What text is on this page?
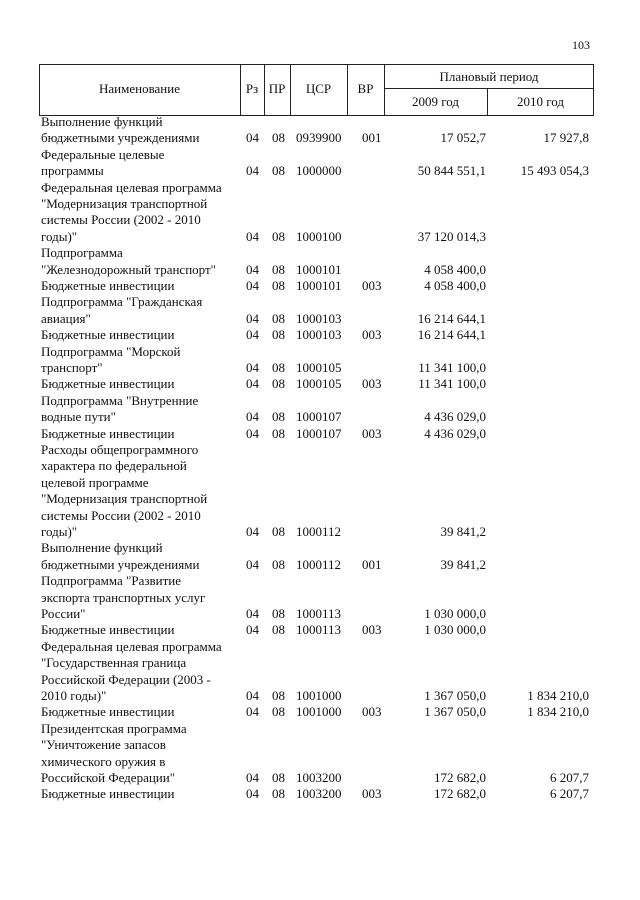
103
Наименование	Рз ПР	ЦСР	ВР
Плановый период
2009 год	2010 год
Выполнение функций
бюджетными учреждениями	04	08 0939900	001	17 052,7	17 927,8
Федеральные целевые
программы	04	08 1000000	50 844 551,1	15 493 054,3
Федеральная целевая программа
"Модернизация транспортной
системы России (2002 - 2010
годы)"	04	08 1000100	37 120 014,3
Подпрограмма
"Железнодорожный транспорт"	04	08 1000101	4 058 400,0
Бюджетные инвестиции	04	08 1000101	003	4 058 400,0
Подпрограмма "Гражданская
авиация"	04	08 1000103	16 214 644,1
Бюджетные инвестиции	04	08 1000103	003	16 214 644,1
Подпрограмма "Морской
транспорт"	04	08 1000105	11 341 100,0
Бюджетные инвестиции	04	08 1000105	003	11 341 100,0
Подпрограмма "Внутренние
водные пути"	04	08 1000107	4 436 029,0
Бюджетные инвестиции	04	08 1000107	003	4 436 029,0
Расходы общепрограммного
характера по федеральной
целевой программе
"Модернизация транспортной
системы России (2002 - 2010
годы)"	04	08 1000112	39 841,2
Выполнение функций
бюджетными учреждениями	04	08 1000112	001	39 841,2
Подпрограмма "Развитие
экспорта транспортных услуг
России"	04	08 1000113	1 030 000,0
Бюджетные инвестиции	04	08 1000113	003	1 030 000,0
Федеральная целевая программа
"Государственная граница
Российской Федерации (2003 -
2010 годы)"	04	08 1001000	1 367 050,0	1 834 210,0
Бюджетные инвестиции	04	08 1001000	003	1 367 050,0	1 834 210,0
Президентская программа
"Уничтожение запасов
химического оружия в
Российской Федерации"	04	08 1003200	172 682,0	6 207,7
Бюджетные инвестиции	04	08 1003200	003	172 682,0	6 207,7
